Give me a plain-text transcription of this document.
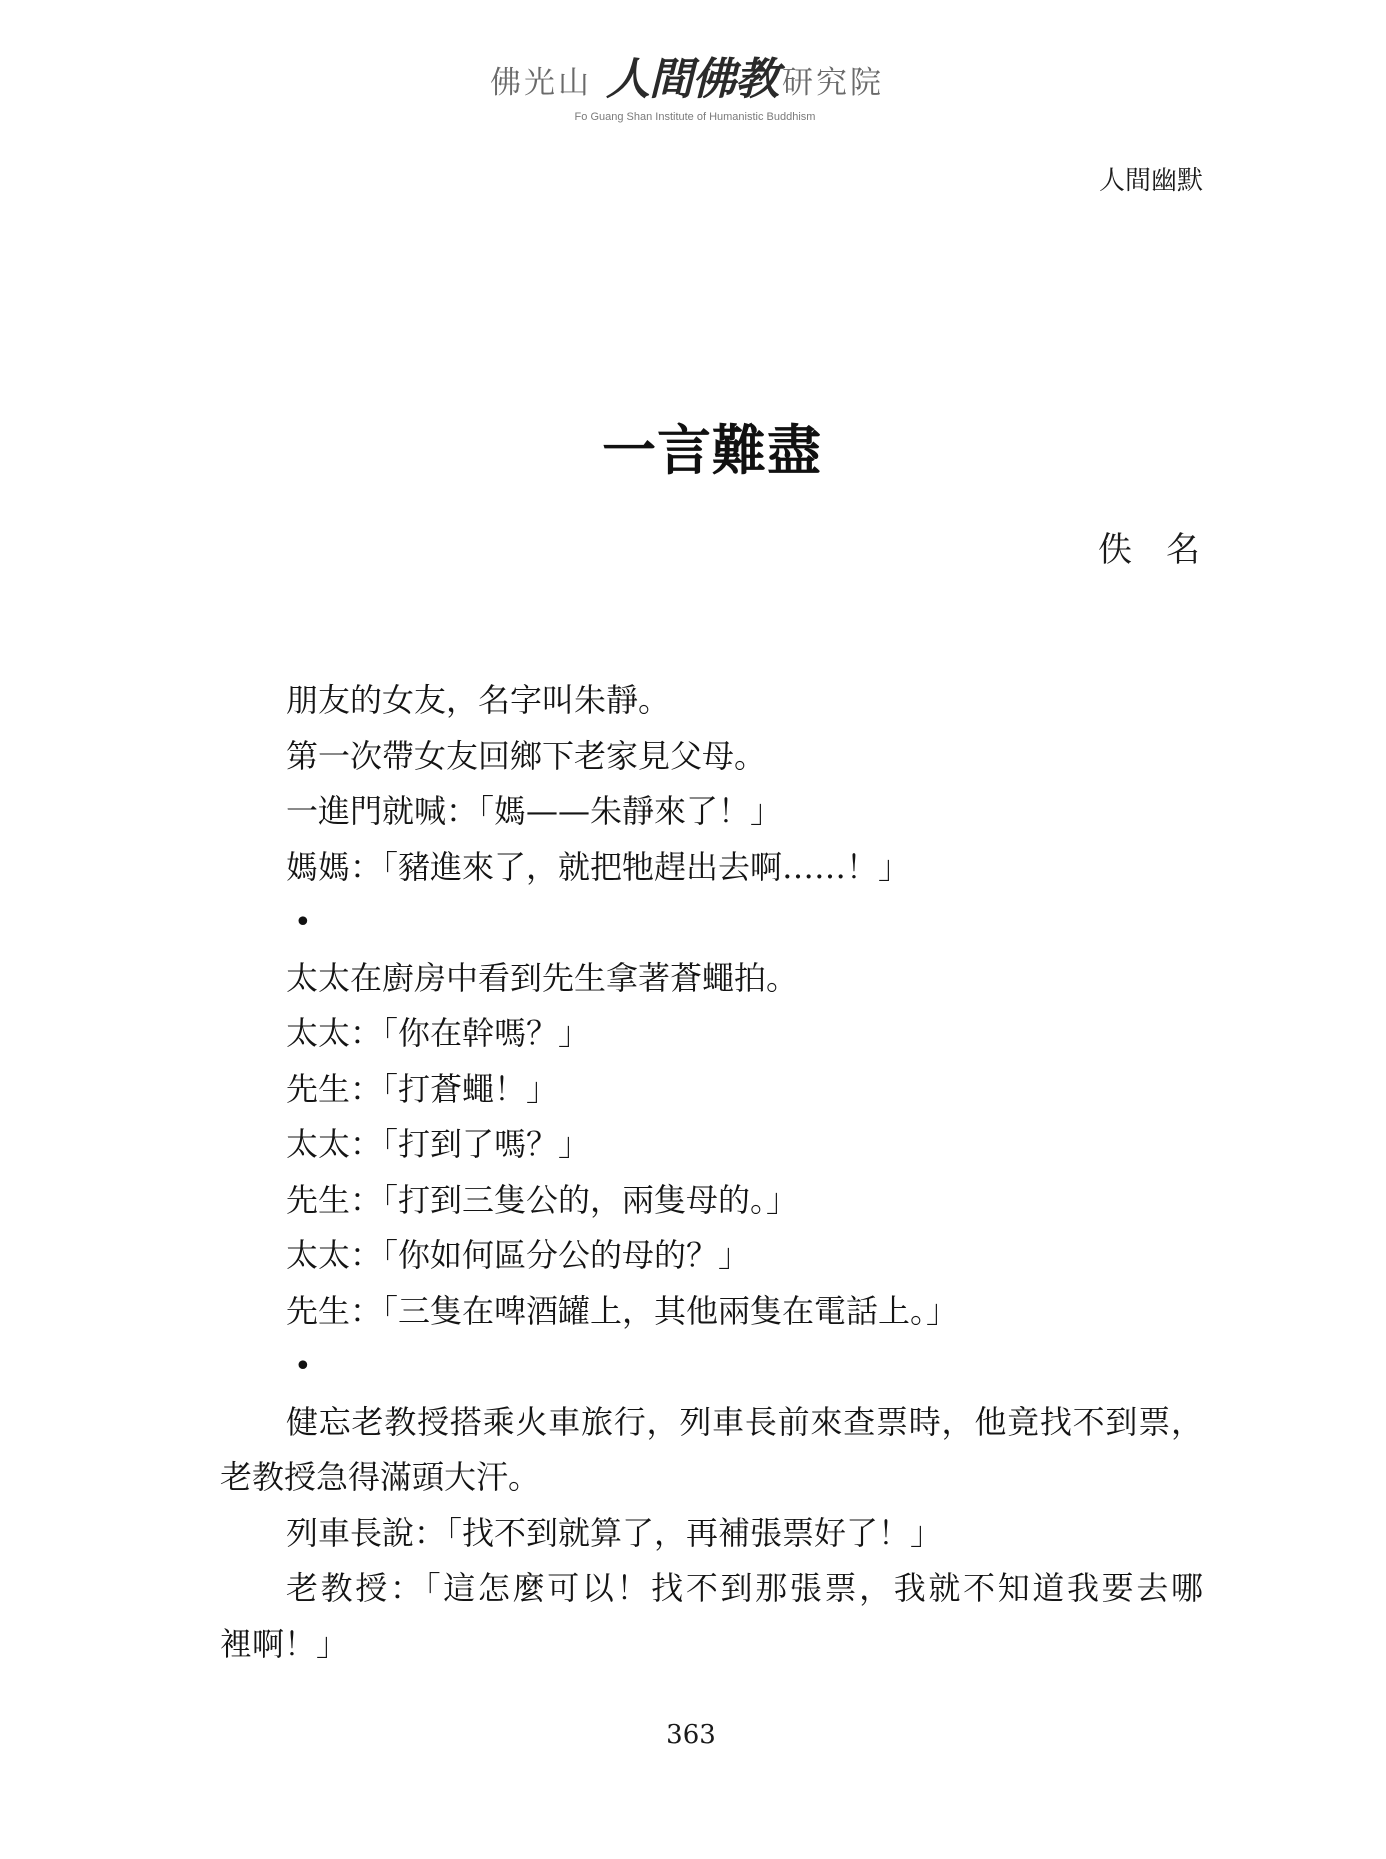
佛光山 人間佛教 研究院
Fo Guang Shan Institute of Humanistic Buddhism
人間幽默
一言難盡
佚　名
朋友的女友，名字叫朱靜。
第一次帶女友回鄉下老家見父母。
一進門就喊：「媽——朱靜來了！」
媽媽：「豬進來了，就把牠趕出去啊……！」
•
太太在廚房中看到先生拿著蒼蠅拍。
太太：「你在幹嗎？」
先生：「打蒼蠅！」
太太：「打到了嗎？」
先生：「打到三隻公的，兩隻母的。」
太太：「你如何區分公的母的？」
先生：「三隻在啤酒罐上，其他兩隻在電話上。」
•
健忘老教授搭乘火車旅行，列車長前來查票時，他竟找不到票，
老教授急得滿頭大汗。
列車長說：「找不到就算了，再補張票好了！」
老教授：「這怎麼可以！找不到那張票，我就不知道我要去哪
裡啊！」
363
